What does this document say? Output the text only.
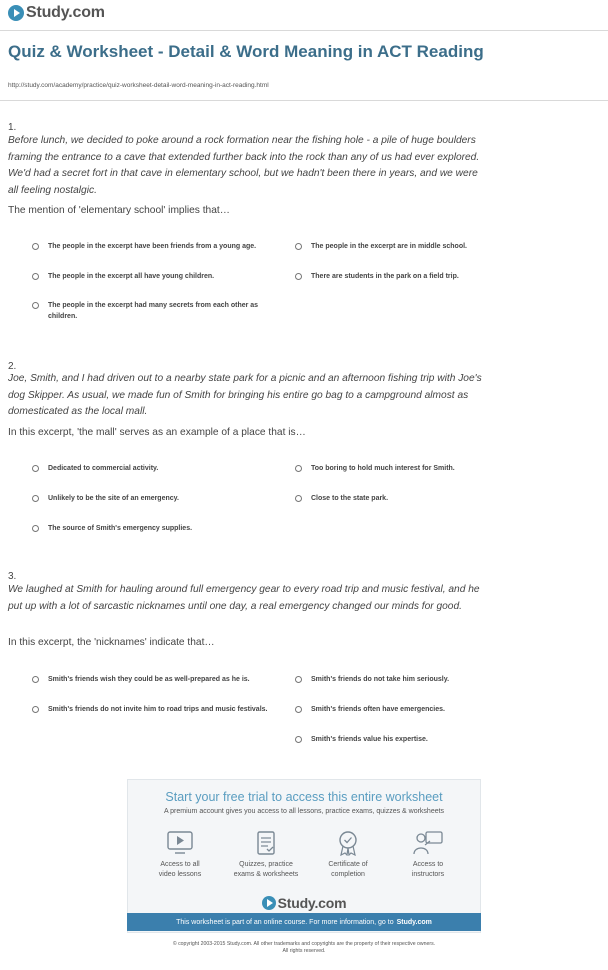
Study.com
Quiz & Worksheet - Detail & Word Meaning in ACT Reading
http://study.com/academy/practice/quiz-worksheet-detail-word-meaning-in-act-reading.html
1.

Before lunch, we decided to poke around a rock formation near the fishing hole - a pile of huge boulders framing the entrance to a cave that extended further back into the rock than any of us had ever explored. We'd had a secret fort in that cave in elementary school, but we hadn't been there in years, and we were all feeling nostalgic.

The mention of 'elementary school' implies that…
The people in the excerpt have been friends from a young age.	The people in the excerpt are in middle school.
The people in the excerpt all have young children.	There are students in the park on a field trip.
The people in the excerpt had many secrets from each other as children.
2.

Joe, Smith, and I had driven out to a nearby state park for a picnic and an afternoon fishing trip with Joe's dog Skipper. As usual, we made fun of Smith for bringing his entire go bag to a campground almost as domesticated as the local mall.

In this excerpt, 'the mall' serves as an example of a place that is…
Dedicated to commercial activity.	Too boring to hold much interest for Smith.
Unlikely to be the site of an emergency.	Close to the state park.
The source of Smith's emergency supplies.
3.

We laughed at Smith for hauling around full emergency gear to every road trip and music festival, and he put up with a lot of sarcastic nicknames until one day, a real emergency changed our minds for good.

In this excerpt, the 'nicknames' indicate that…
Smith's friends wish they could be as well-prepared as he is.	Smith's friends do not take him seriously.
Smith's friends do not invite him to road trips and music festivals.	Smith's friends often have emergencies.
Smith's friends value his expertise.
Start your free trial to access this entire worksheet
A premium account gives you access to all lessons, practice exams, quizzes & worksheets
Access to all
video lessons
Quizzes, practice
exams & worksheets
Certificate of
completion
Access to
instructors
Study.com
This worksheet is part of an online course. For more information, go to Study.com
© copyright 2003-2015 Study.com. All other trademarks and copyrights are the property of their respective owners.
All rights reserved.
